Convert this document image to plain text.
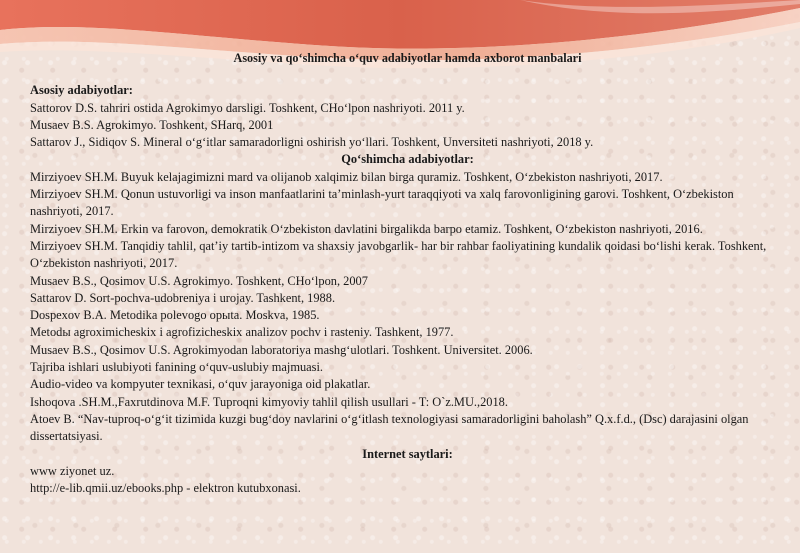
Asosiy va qo‘shimcha o‘quv adabiyotlar hamda axborot manbalari

Asosiy adabiyotlar:

Sattorov D.S. tahriri ostida Agrokimyo darsligi. Toshkent, CHo‘lpon nashriyoti. 2011 y.

Musaev B.S. Agrokimyo. Toshkent, SHarq, 2001

Sattarov J., Sidiqov S. Mineral o‘g‘itlar samaradorligni oshirish yo‘llari. Toshkent, Unversiteti nashriyoti, 2018 y.

Qo‘shimcha adabiyotlar:

Mirziyoev SH.M. Buyuk kelajagimizni mard va olijanob xalqimiz bilan birga quramiz. Toshkent, O‘zbekiston nashriyoti, 2017.

Mirziyoev SH.M. Qonun ustuvorligi va inson manfaatlarini ta’minlash-yurt taraqqiyoti va xalq farovonligining garovi. Toshkent, O‘zbekiston nashriyoti, 2017.

Mirziyoev SH.M. Erkin va farovon, demokratik O‘zbekiston davlatini birgalikda barpo etamiz. Toshkent, O‘zbekiston nashriyoti, 2016.

Mirziyoev SH.M. Tanqidiy tahlil, qat’iy tartib-intizom va shaxsiy javobgarlik- har bir rahbar faoliyatining kundalik qoidasi bo‘lishi kerak. Toshkent, O‘zbekiston nashriyoti, 2017.

Musaev B.S., Qosimov U.S. Agrokimyo. Toshkent, CHo‘lpon, 2007

Sattarov D. Sort-pochva-udobreniya i urojay. Tashkent, 1988.

Dospexov B.A. Metodika polevogo opыta. Moskva, 1985.

Metodы agroximicheskix i agrofizicheskix analizov pochv i rasteniy. Tashkent, 1977.

Musaev B.S., Qosimov U.S. Agrokimyodan laboratoriya mashg‘ulotlari. Toshkent. Universitet. 2006.

Tajriba ishlari uslubiyoti fanining o‘quv-uslubiy majmuasi.

Audio-video va kompyuter texnikasi, o‘quv jarayoniga oid plakatlar.

Ishoqova .SH.M.,Faxrutdinova M.F. Tuproqni kimyoviy tahlil qilish usullari - T: O`z.MU.,2018.

Atoev B. “Nav-tuproq-o‘g‘it tizimida kuzgi bug‘doy navlarini o‘g‘itlash texnologiyasi samaradorligini baholash” Q.x.f.d., (Dsc) darajasini olgan dissertatsiyasi.

Internet saytlari:

www ziyonet uz.

http://e-lib.qmii.uz/ebooks.php - elektron kutubxonasi.
